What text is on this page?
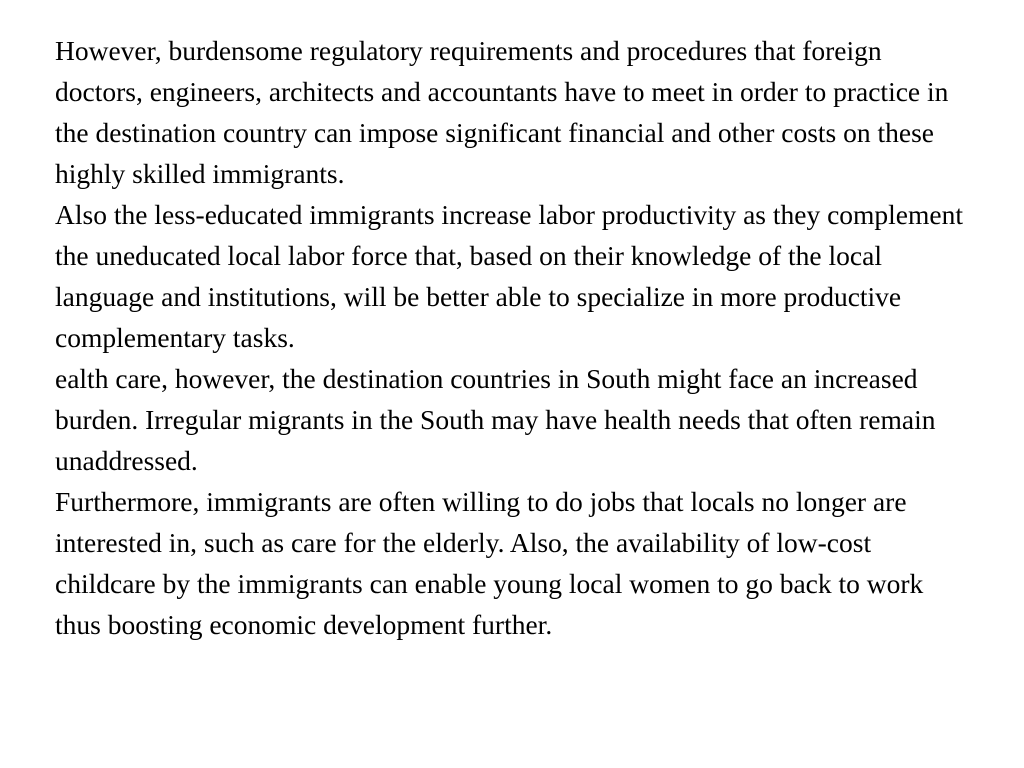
However, burdensome regulatory requirements and procedures that foreign doctors, engineers, architects and accountants have to meet in order to practice in the destination country can impose significant financial and other costs on these highly skilled immigrants.

Also the less-educated immigrants increase labor productivity as they complement the uneducated local labor force that, based on their knowledge of the local language and institutions, will be better able to specialize in more productive complementary tasks.

ealth care, however, the destination countries in South might face an increased burden. Irregular migrants in the South may have health needs that often remain unaddressed.

Furthermore, immigrants are often willing to do jobs that locals no longer are interested in, such as care for the elderly. Also, the availability of low-cost childcare by the immigrants can enable young local women to go back to work thus boosting economic development further.
